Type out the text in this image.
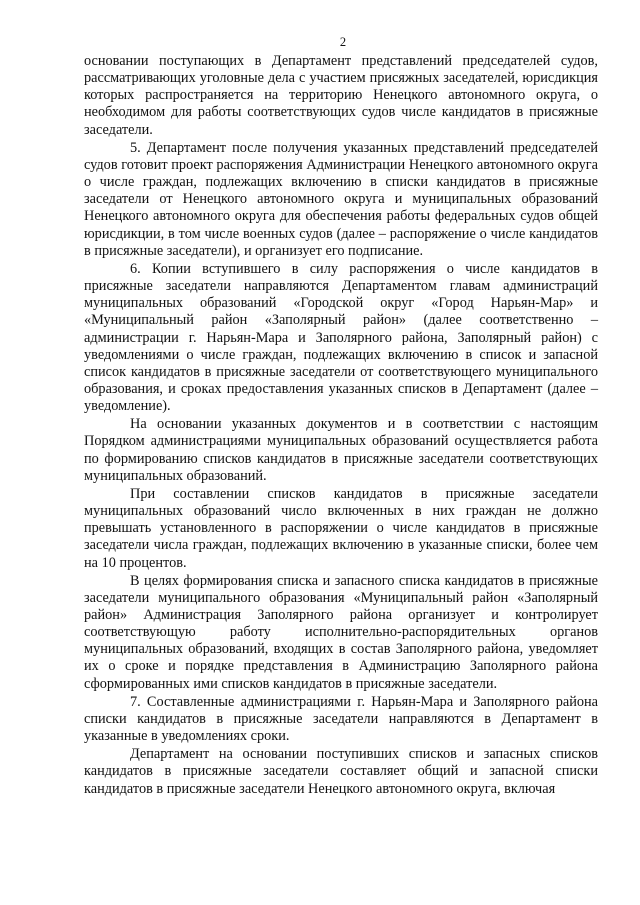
2

основании поступающих в Департамент представлений председателей судов, рассматривающих уголовные дела с участием присяжных заседателей, юрисдикция которых распространяется на территорию Ненецкого автономного округа, о необходимом для работы соответствующих судов числе кандидатов в присяжные заседатели.

5. Департамент после получения указанных представлений председателей судов готовит проект распоряжения Администрации Ненецкого автономного округа о числе граждан, подлежащих включению в списки кандидатов в присяжные заседатели от Ненецкого автономного округа и муниципальных образований Ненецкого автономного округа для обеспечения работы федеральных судов общей юрисдикции, в том числе военных судов (далее – распоряжение о числе кандидатов в присяжные заседатели), и организует его подписание.

6. Копии вступившего в силу распоряжения о числе кандидатов в присяжные заседатели направляются Департаментом главам администраций муниципальных образований «Городской округ «Город Нарьян-Мар» и «Муниципальный район «Заполярный район» (далее соответственно – администрации г. Нарьян-Мара и Заполярного района, Заполярный район) с уведомлениями о числе граждан, подлежащих включению в список и запасной список кандидатов в присяжные заседатели от соответствующего муниципального образования, и сроках предоставления указанных списков в Департамент (далее – уведомление).

На основании указанных документов и в соответствии с настоящим Порядком администрациями муниципальных образований осуществляется работа по формированию списков кандидатов в присяжные заседатели соответствующих муниципальных образований.

При составлении списков кандидатов в присяжные заседатели муниципальных образований число включенных в них граждан не должно превышать установленного в распоряжении о числе кандидатов в присяжные заседатели числа граждан, подлежащих включению в указанные списки, более чем на 10 процентов.

В целях формирования списка и запасного списка кандидатов в присяжные заседатели муниципального образования «Муниципальный район «Заполярный район» Администрация Заполярного района организует и контролирует соответствующую работу исполнительно-распорядительных органов муниципальных образований, входящих в состав Заполярного района, уведомляет их о сроке и порядке представления в Администрацию Заполярного района сформированных ими списков кандидатов в присяжные заседатели.

7. Составленные администрациями г. Нарьян-Мара и Заполярного района списки кандидатов в присяжные заседатели направляются в Департамент в указанные в уведомлениях сроки.

Департамент на основании поступивших списков и запасных списков кандидатов в присяжные заседатели составляет общий и запасной списки кандидатов в присяжные заседатели Ненецкого автономного округа, включая
